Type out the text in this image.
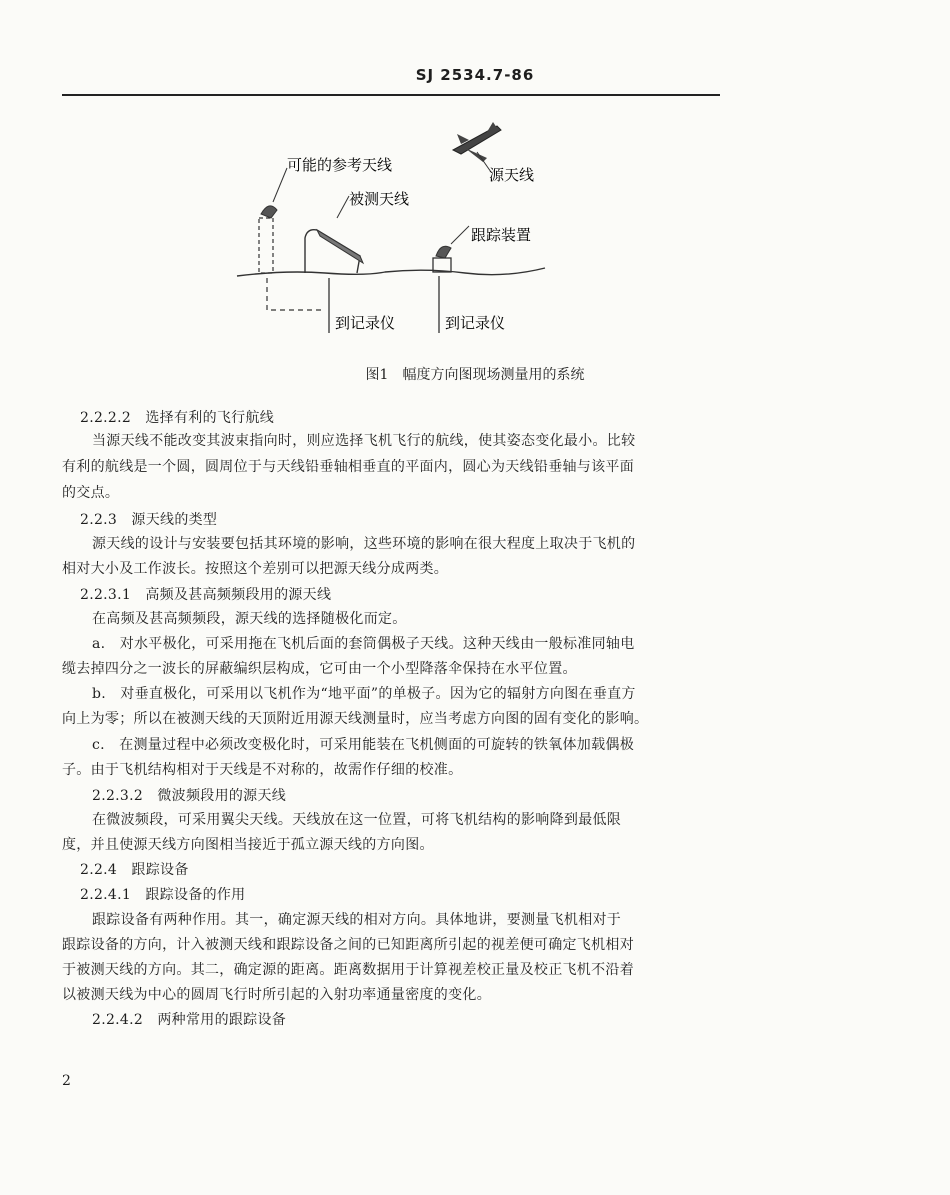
SJ 2534.7-86
可能的参考天线
被测天线
源天线
跟踪装置
到记录仪	到记录仪
图1　幅度方向图现场测量用的系统
2.2.2.2　选择有利的飞行航线
当源天线不能改变其波束指向时，则应选择飞机飞行的航线，使其姿态变化最小。比较
有利的航线是一个圆，圆周位于与天线铅垂轴相垂直的平面内，圆心为天线铅垂轴与该平面
的交点。
2.2.3　源天线的类型
源天线的设计与安装要包括其环境的影响，这些环境的影响在很大程度上取决于飞机的
相对大小及工作波长。按照这个差别可以把源天线分成两类。
2.2.3.1　高频及甚高频频段用的源天线
在高频及甚高频频段，源天线的选择随极化而定。
a.　对水平极化，可采用拖在飞机后面的套筒偶极子天线。这种天线由一般标准同轴电
缆去掉四分之一波长的屏蔽编织层构成，它可由一个小型降落伞保持在水平位置。
b.　对垂直极化，可采用以飞机作为“地平面”的单极子。因为它的辐射方向图在垂直方
向上为零；所以在被测天线的天顶附近用源天线测量时，应当考虑方向图的固有变化的影响。
c.　在测量过程中必须改变极化时，可采用能装在飞机侧面的可旋转的铁氧体加载偶极
子。由于飞机结构相对于天线是不对称的，故需作仔细的校准。
2.2.3.2　微波频段用的源天线
在微波频段，可采用翼尖天线。天线放在这一位置，可将飞机结构的影响降到最低限
度，并且使源天线方向图相当接近于孤立源天线的方向图。
2.2.4　跟踪设备
2.2.4.1　跟踪设备的作用
跟踪设备有两种作用。其一，确定源天线的相对方向。具体地讲，要测量飞机相对于
跟踪设备的方向，计入被测天线和跟踪设备之间的已知距离所引起的视差便可确定飞机相对
于被测天线的方向。其二，确定源的距离。距离数据用于计算视差校正量及校正飞机不沿着
以被测天线为中心的圆周飞行时所引起的入射功率通量密度的变化。
2.2.4.2　两种常用的跟踪设备
2
